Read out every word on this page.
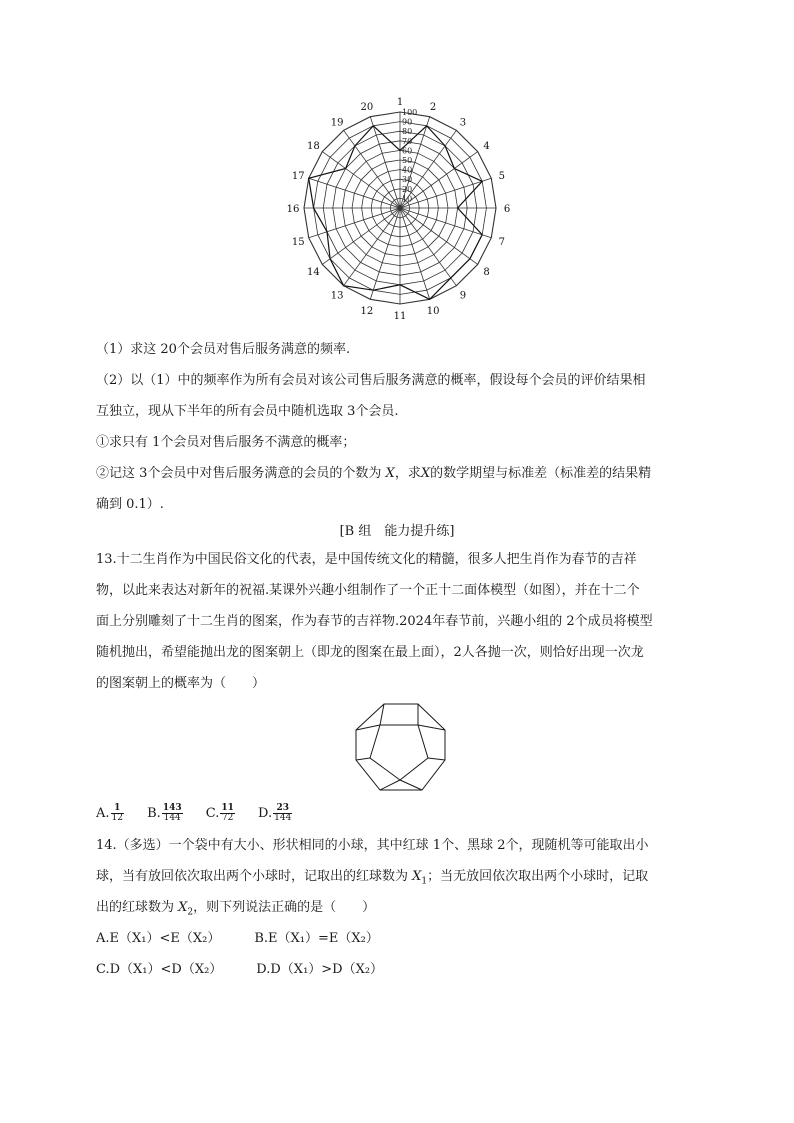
10
20
30
40
50
60
70
80
90
100
1	2
3
4
5
6
7
8
9
10
11
12
13
14
15
16
17
18
19
20
（1）求这 20个会员对售后服务满意的频率.
（2）以（1）中的频率作为所有会员对该公司售后服务满意的概率，假设每个会员的评价结果相
互独立，现从下半年的所有会员中随机选取 3个会员.
①求只有 1个会员对售后服务不满意的概率；
②记这 3个会员中对售后服务满意的会员的个数为 X，求X的数学期望与标准差（标准差的结果精
确到 0.1）.
[B 组　能力提升练]
13.十二生肖作为中国民俗文化的代表，是中国传统文化的精髓，很多人把生肖作为春节的吉祥
物，以此来表达对新年的祝福.某课外兴趣小组制作了一个正十二面体模型（如图），并在十二个
面上分别雕刻了十二生肖的图案，作为春节的吉祥物.2024年春节前，兴趣小组的 2个成员将模型
随机抛出，希望能抛出龙的图案朝上（即龙的图案在最上面），2人各抛一次，则恰好出现一次龙
的图案朝上的概率为（　　）
A. $\frac{1}{12} B$. $\frac{143}{144} C$. $\frac{11}{72} D$. $\frac{23}{144}$
14.（多选）一个袋中有大小、形状相同的小球，其中红球 1个、黑球 2个，现随机等可能取出小
球，当有放回依次取出两个小球时，记取出的红球数为 $X_1$；当无放回依次取出两个小球时，记取
出的红球数为 $X_2$，则下列说法正确的是（　　）
A.E（X₁）<E（X₂）	B.E（X₁）=E（X₂）
C.D（X₁）<D（X₂）	D.D（X₁）>D（X₂）
